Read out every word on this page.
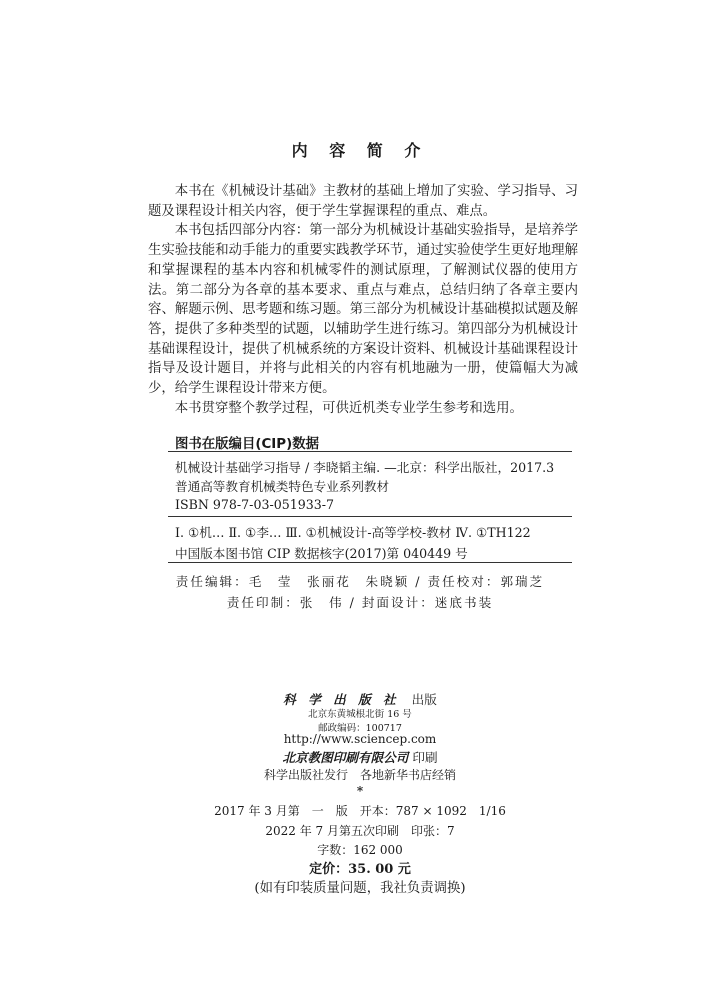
内 容 简 介

本书在《机械设计基础》主教材的基础上增加了实验、学习指导、习题及课程设计相关内容，便于学生掌握课程的重点、难点。

本书包括四部分内容：第一部分为机械设计基础实验指导，是培养学生实验技能和动手能力的重要实践教学环节，通过实验使学生更好地理解和掌握课程的基本内容和机械零件的测试原理，了解测试仪器的使用方法。第二部分为各章的基本要求、重点与难点，总结归纳了各章主要内容、解题示例、思考题和练习题。第三部分为机械设计基础模拟试题及解答，提供了多种类型的试题，以辅助学生进行练习。第四部分为机械设计基础课程设计，提供了机械系统的方案设计资料、机械设计基础课程设计指导及设计题目，并将与此相关的内容有机地融为一册，使篇幅大为减少，给学生课程设计带来方便。

本书贯穿整个教学过程，可供近机类专业学生参考和选用。

图书在版编目(CIP)数据
机械设计基础学习指导 / 李晓韬主编. —北京：科学出版社，2017.3
普通高等教育机械类特色专业系列教材
ISBN 978-7-03-051933-7
Ⅰ. ①机… Ⅱ. ①李… Ⅲ. ①机械设计-高等学校-教材 Ⅳ. ①TH122
中国版本图书馆 CIP 数据核字(2017)第 040449 号
责任编辑：毛　莹　张丽花　朱晓颖 / 责任校对：郭瑞芝
责任印制：张　伟 / 封面设计：迷底书装
科 学 出 版 社 出版
北京东黄城根北街 16 号
邮政编码：100717
http://www.sciencep.com
北京教图印刷有限公司 印刷
科学出版社发行　各地新华书店经销
*
2017 年 3 月第　一　版　开本：787 × 1092　1/16
2022 年 7 月第五次印刷　印张：7
字数：162 000
定价：35. 00 元
(如有印装质量问题，我社负责调换)
